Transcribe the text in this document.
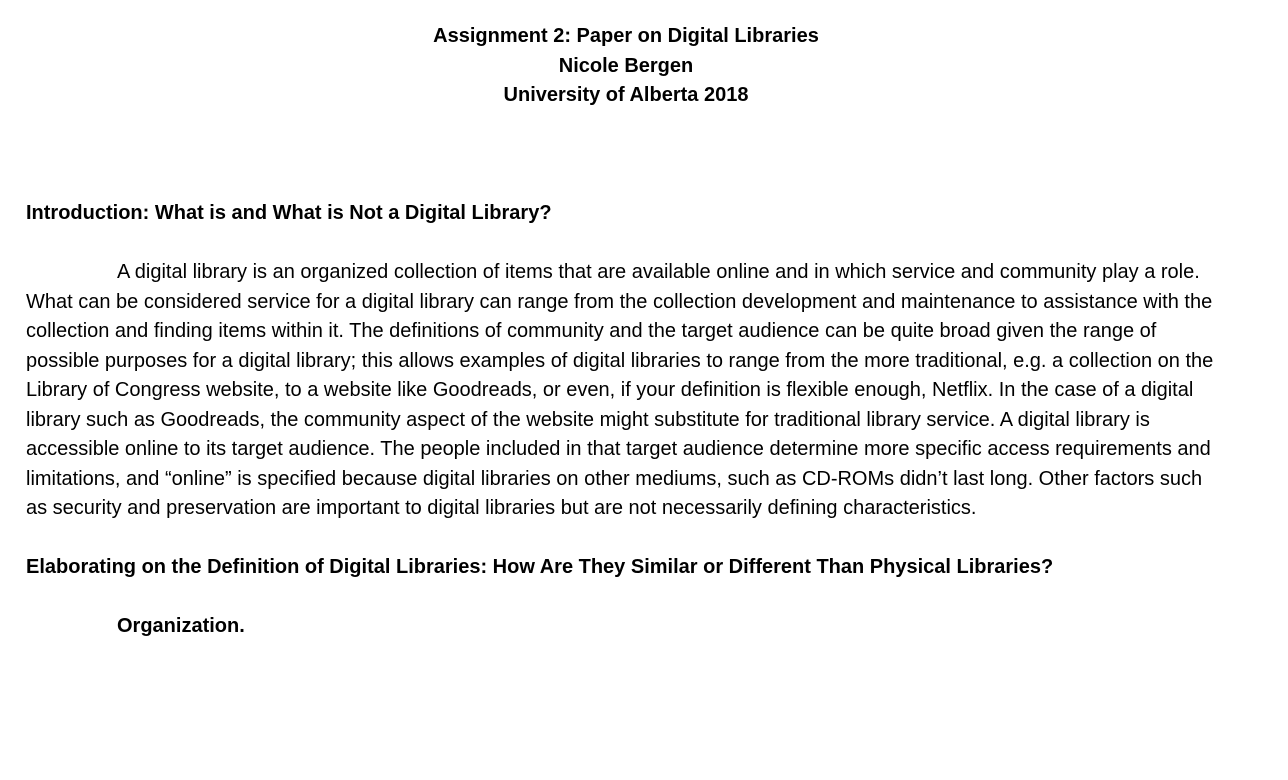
Assignment 2: Paper on Digital Libraries
Nicole Bergen
University of Alberta 2018
Introduction: What is and What is Not a Digital Library?
A digital library is an organized collection of items that are available online and in which service and community play a role. What can be considered service for a digital library can range from the collection development and maintenance to assistance with the collection and finding items within it. The definitions of community and the target audience can be quite broad given the range of possible purposes for a digital library; this allows examples of digital libraries to range from the more traditional, e.g. a collection on the Library of Congress website, to a website like Goodreads, or even, if your definition is flexible enough, Netflix. In the case of a digital library such as Goodreads, the community aspect of the website might substitute for traditional library service. A digital library is accessible online to its target audience. The people included in that target audience determine more specific access requirements and limitations, and “online” is specified because digital libraries on other mediums, such as CD-ROMs didn’t last long. Other factors such as security and preservation are important to digital libraries but are not necessarily defining characteristics.
Elaborating on the Definition of Digital Libraries: How Are They Similar or Different Than Physical Libraries?
Organization.
